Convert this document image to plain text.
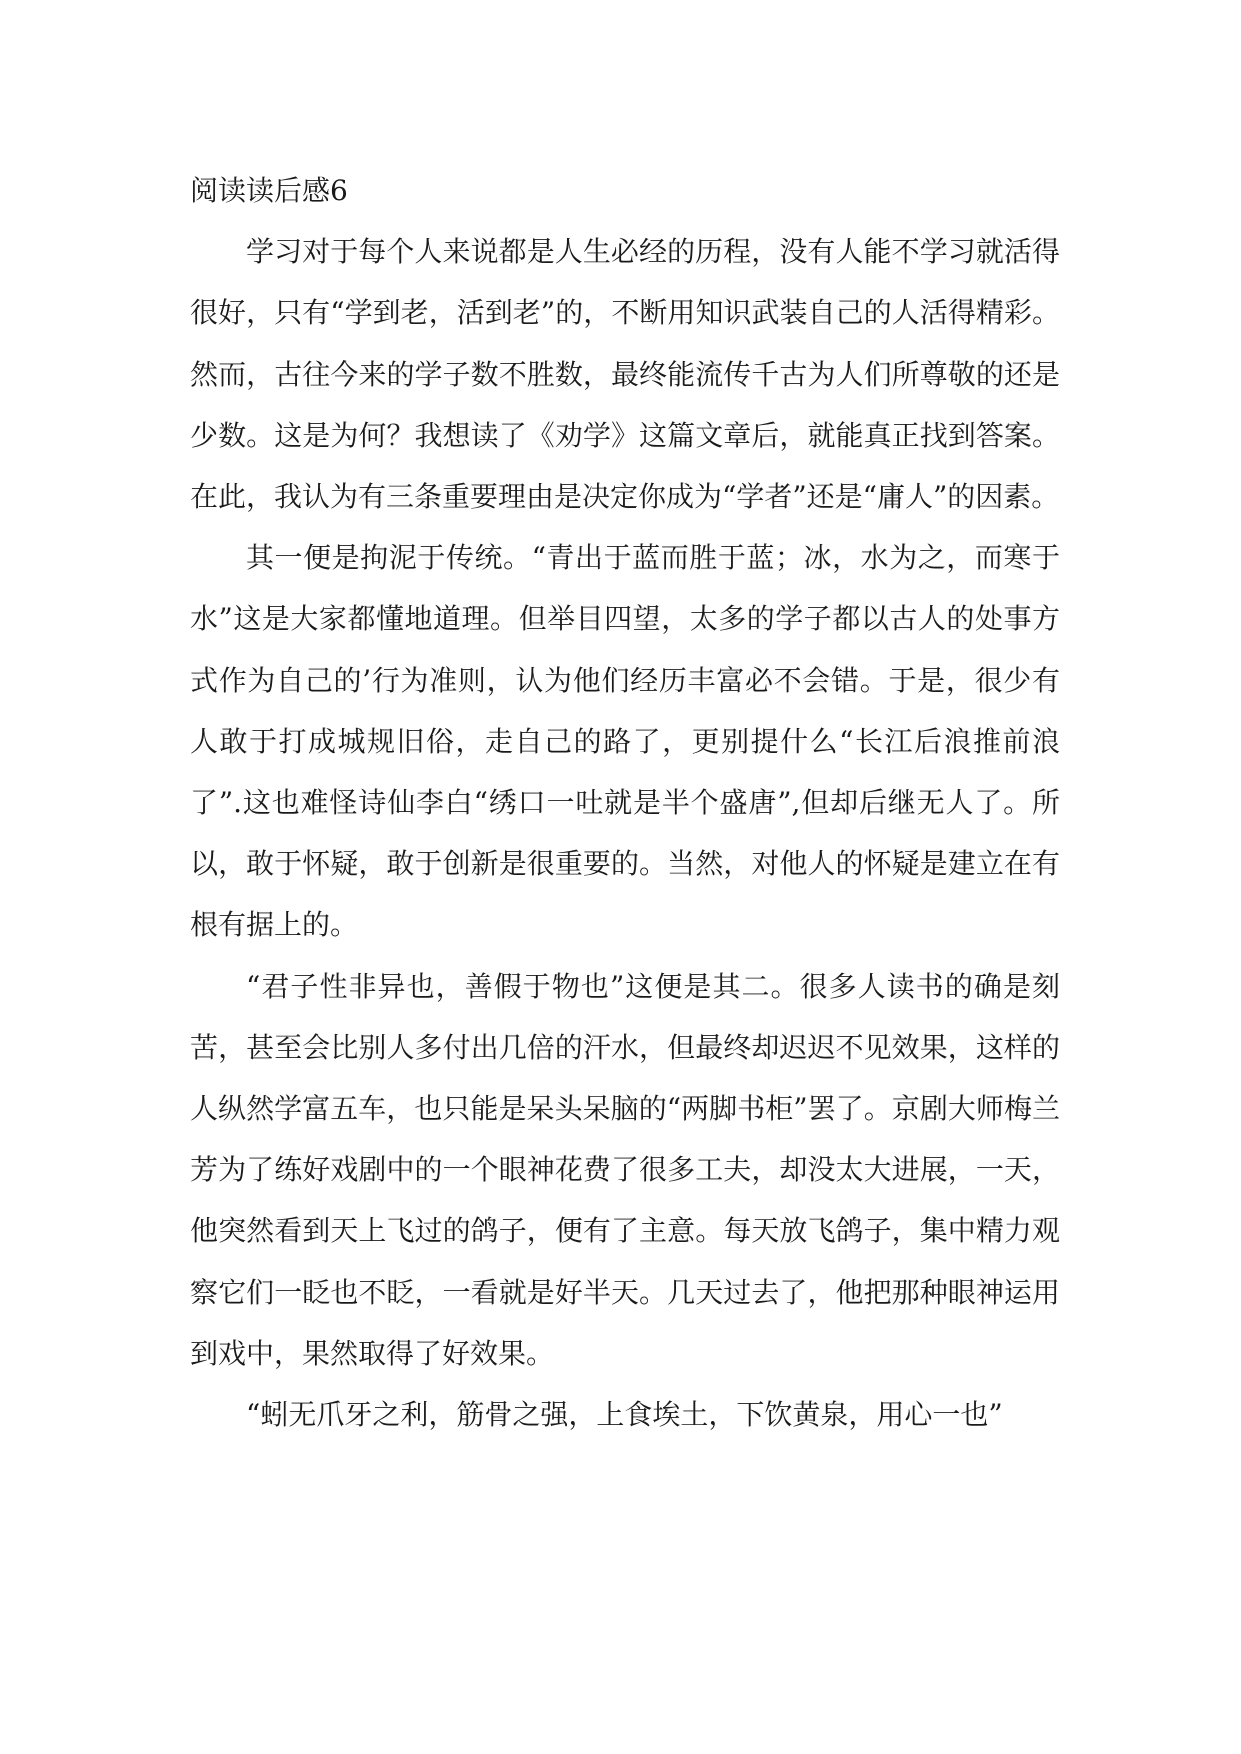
阅读读后感6

学习对于每个人来说都是人生必经的历程，没有人能不学习就活得很好，只有“学到老，活到老”的，不断用知识武装自己的人活得精彩。然而，古往今来的学子数不胜数，最终能流传千古为人们所尊敬的还是少数。这是为何？我想读了《劝学》这篇文章后，就能真正找到答案。在此，我认为有三条重要理由是决定你成为“学者”还是“庸人”的因素。

其一便是拘泥于传统。“青出于蓝而胜于蓝；冰，水为之，而寒于水”这是大家都懂地道理。但举目四望，太多的学子都以古人的处事方式作为自己的’行为准则，认为他们经历丰富必不会错。于是，很少有人敢于打成城规旧俗，走自己的路了，更别提什么“长江后浪推前浪了”.这也难怪诗仙李白“绣口一吐就是半个盛唐”,但却后继无人了。所以，敢于怀疑，敢于创新是很重要的。当然，对他人的怀疑是建立在有根有据上的。

“君子性非异也，善假于物也”这便是其二。很多人读书的确是刻苦，甚至会比别人多付出几倍的汗水，但最终却迟迟不见效果，这样的人纵然学富五车，也只能是呆头呆脑的“两脚书柜”罢了。京剧大师梅兰芳为了练好戏剧中的一个眼神花费了很多工夫，却没太大进展，一天，他突然看到天上飞过的鸽子，便有了主意。每天放飞鸽子，集中精力观察它们一眨也不眨，一看就是好半天。几天过去了，他把那种眼神运用到戏中，果然取得了好效果。

“蚓无爪牙之利，筋骨之强，上食埃土，下饮黄泉，用心一也”
